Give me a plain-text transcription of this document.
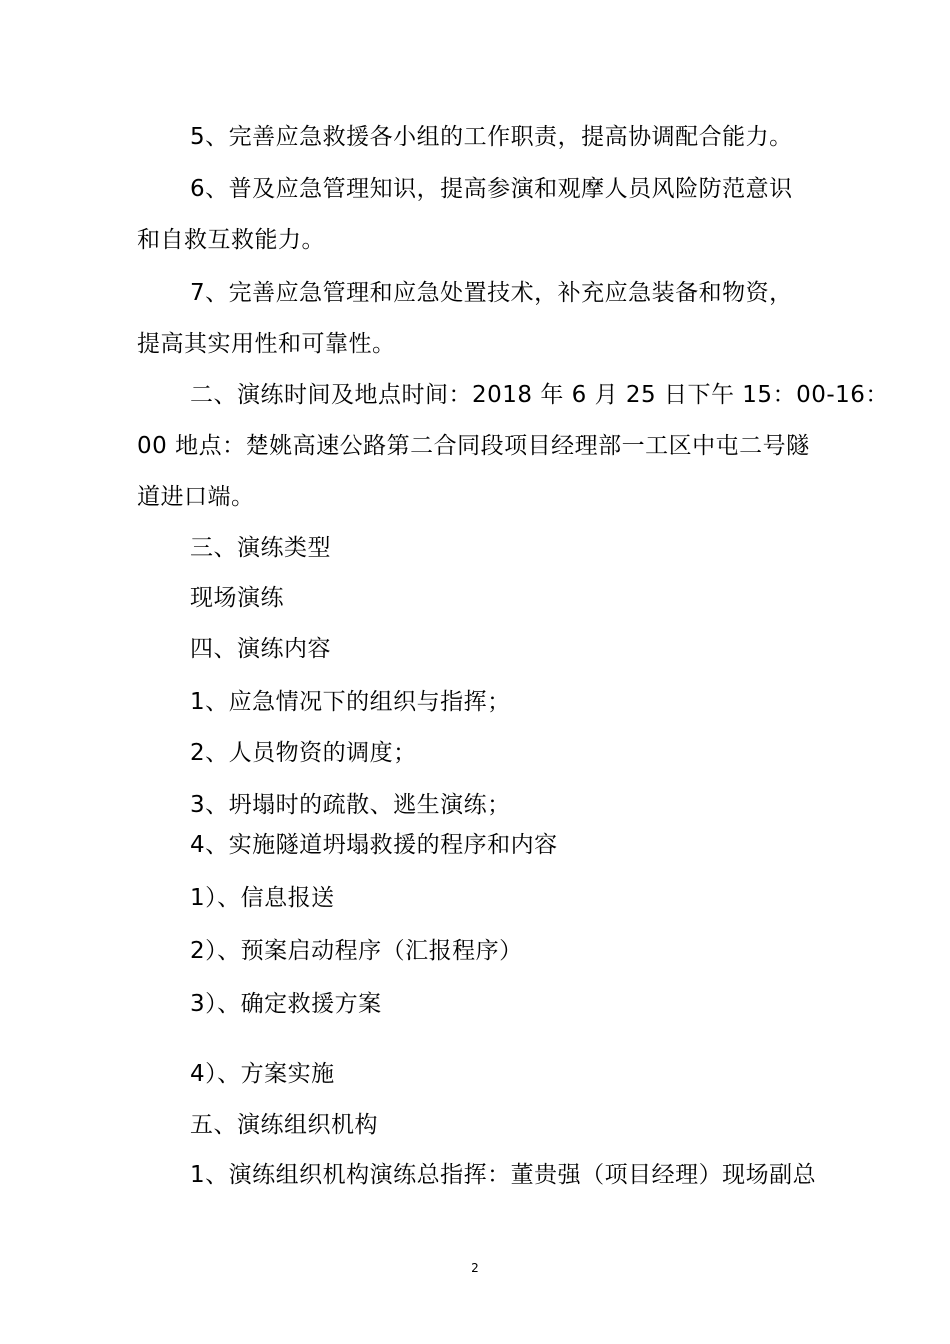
5、完善应急救援各小组的工作职责，提高协调配合能力。
6、普及应急管理知识，提高参演和观摩人员风险防范意识
和自救互救能力。
7、完善应急管理和应急处置技术，补充应急装备和物资，
提高其实用性和可靠性。
二、演练时间及地点时间：2018 年 6 月 25 日下午 15：00-16：
00 地点：楚姚高速公路第二合同段项目经理部一工区中屯二号隧
道进口端。
三、演练类型
现场演练
四、演练内容
1、应急情况下的组织与指挥；
2、人员物资的调度；
3、坍塌时的疏散、逃生演练；
4、实施隧道坍塌救援的程序和内容
1）、信息报送
2）、预案启动程序（汇报程序）
3）、确定救援方案
4）、方案实施
五、演练组织机构
1、演练组织机构演练总指挥：董贵强（项目经理）现场副总
2
